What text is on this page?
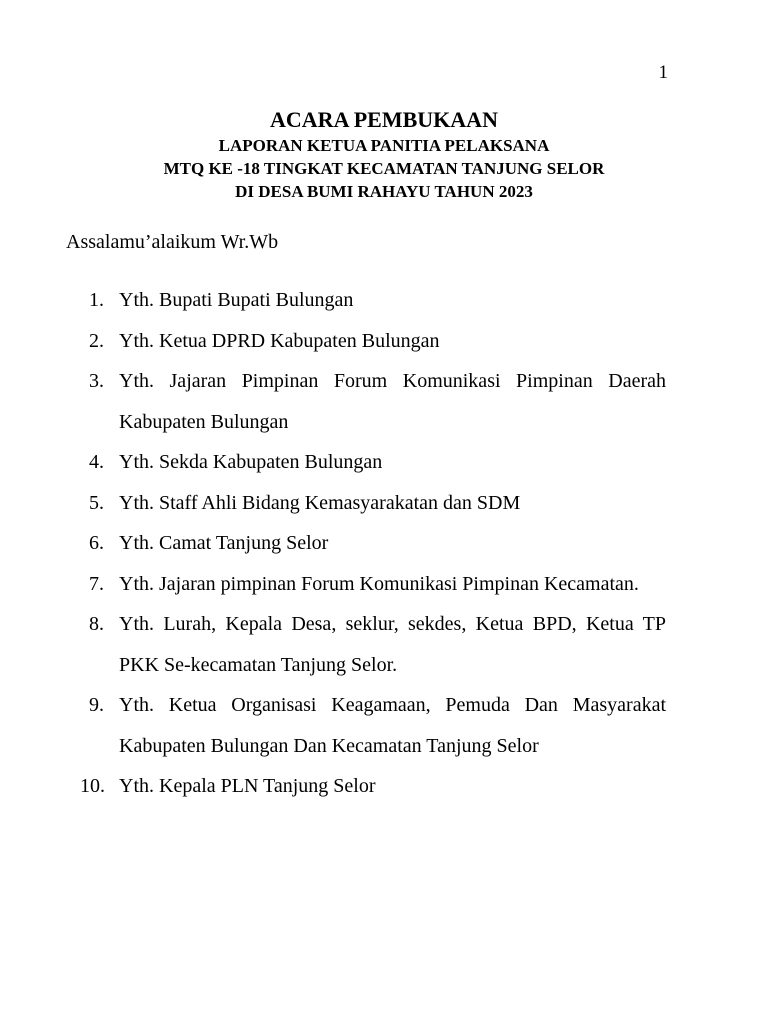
1
ACARA PEMBUKAAN
LAPORAN KETUA PANITIA PELAKSANA
MTQ KE -18 TINGKAT KECAMATAN TANJUNG SELOR
DI DESA BUMI RAHAYU TAHUN 2023
Assalamu’alaikum Wr.Wb
1. Yth. Bupati Bupati Bulungan
2. Yth. Ketua DPRD Kabupaten Bulungan
3. Yth. Jajaran Pimpinan Forum Komunikasi Pimpinan Daerah Kabupaten Bulungan
4. Yth. Sekda Kabupaten Bulungan
5. Yth. Staff Ahli Bidang Kemasyarakatan dan SDM
6. Yth. Camat Tanjung Selor
7. Yth. Jajaran pimpinan Forum Komunikasi Pimpinan Kecamatan.
8. Yth. Lurah, Kepala Desa, seklur, sekdes, Ketua BPD, Ketua TP PKK Se-kecamatan Tanjung Selor.
9. Yth. Ketua Organisasi Keagamaan, Pemuda Dan Masyarakat Kabupaten Bulungan Dan Kecamatan Tanjung Selor
10. Yth. Kepala PLN Tanjung Selor
